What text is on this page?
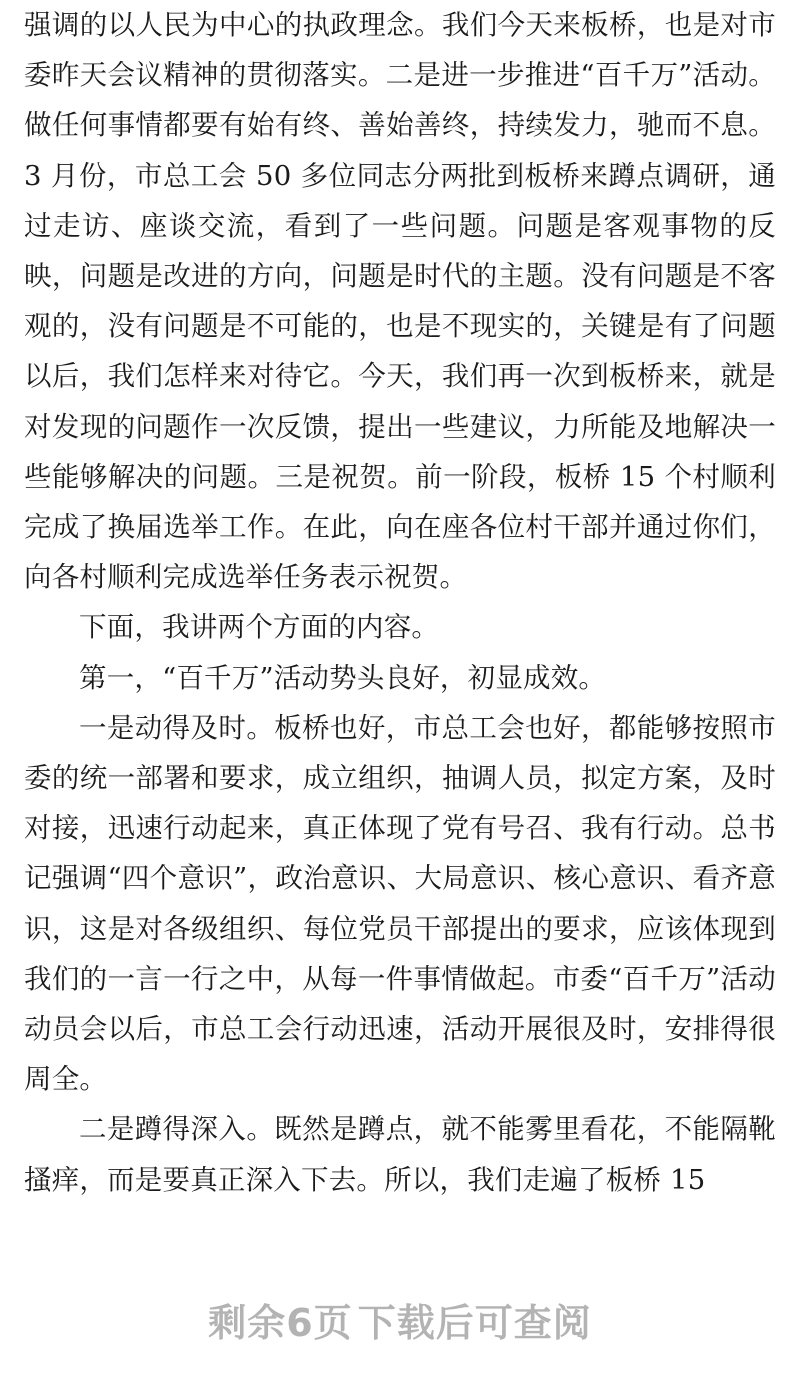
强调的以人民为中心的执政理念。我们今天来板桥，也是对市委昨天会议精神的贯彻落实。二是进一步推进“百千万”活动。做任何事情都要有始有终、善始善终，持续发力，驰而不息。3 月份，市总工会 50 多位同志分两批到板桥来蹲点调研，通过走访、座谈交流，看到了一些问题。问题是客观事物的反映，问题是改进的方向，问题是时代的主题。没有问题是不客观的，没有问题是不可能的，也是不现实的，关键是有了问题以后，我们怎样来对待它。今天，我们再一次到板桥来，就是对发现的问题作一次反馈，提出一些建议，力所能及地解决一些能够解决的问题。三是祝贺。前一阶段，板桥 15 个村顺利完成了换届选举工作。在此，向在座各位村干部并通过你们，向各村顺利完成选举任务表示祝贺。

下面，我讲两个方面的内容。

第一，“百千万”活动势头良好，初显成效。

一是动得及时。板桥也好，市总工会也好，都能够按照市委的统一部署和要求，成立组织，抽调人员，拟定方案，及时对接，迅速行动起来，真正体现了党有号召、我有行动。总书记强调“四个意识”，政治意识、大局意识、核心意识、看齐意识，这是对各级组织、每位党员干部提出的要求，应该体现到我们的一言一行之中，从每一件事情做起。市委“百千万”活动动员会以后，市总工会行动迅速，活动开展很及时，安排得很周全。

二是蹲得深入。既然是蹲点，就不能雾里看花，不能隔靴搔痒，而是要真正深入下去。所以，我们走遍了板桥 15

剩余6页 下载后可查阅
